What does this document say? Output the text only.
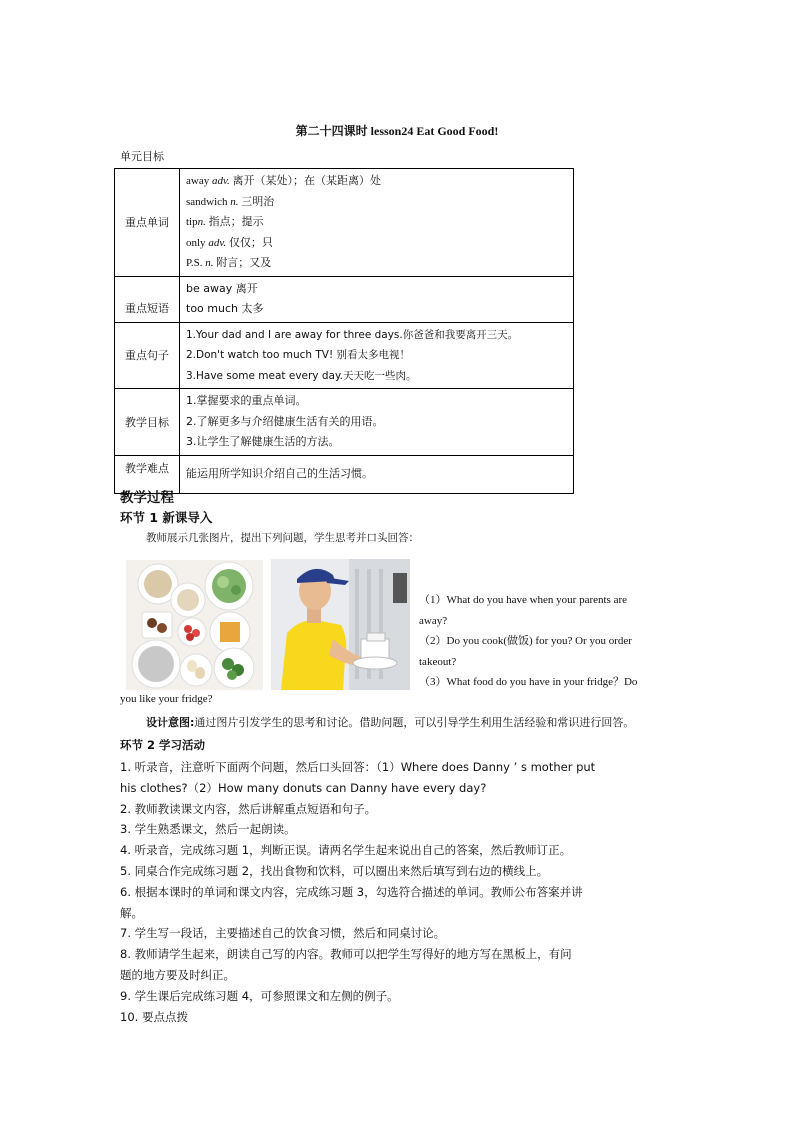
第二十四课时 lesson24 Eat Good Food!
单元目标
重点单词	away adv. 离开（某处）；在（某距离）处
sandwich n. 三明治
tipn. 指点；提示
only adv. 仅仅；只
P.S. n. 附言；又及

重点短语	be away 离开
too much 太多

重点句子	1.Your dad and I are away for three days.你爸爸和我要离开三天。
2.Don't watch too much TV! 别看太多电视！
3.Have some meat every day.天天吃一些肉。

教学目标	1.掌握要求的重点单词。
2.了解更多与介绍健康生活有关的用语。
3.让学生了解健康生活的方法。

教学难点	能运用所学知识介绍自己的生活习惯。
教学过程
环节 1 新课导入
教师展示几张图片，提出下列问题，学生思考并口头回答：
（1）What do you have when your parents are
away?
（2）Do you cook(做饭) for you? Or you order
takeout?
（3）What food do you have in your fridge？Do
you like your fridge?
设计意图:通过图片引发学生的思考和讨论。借助问题，可以引导学生利用生活经验和常识进行回答。
环节 2 学习活动
1. 听录音，注意听下面两个问题，然后口头回答：（1）Where does Danny ’ s mother put
his clothes?（2）How many donuts can Danny have every day?
2. 教师教读课文内容，然后讲解重点短语和句子。
3. 学生熟悉课文，然后一起朗读。
4. 听录音，完成练习题 1，判断正误。请两名学生起来说出自己的答案，然后教师订正。
5. 同桌合作完成练习题 2，找出食物和饮料，可以圈出来然后填写到右边的横线上。
6. 根据本课时的单词和课文内容，完成练习题 3，勾选符合描述的单词。教师公布答案并讲
解。
7. 学生写一段话，主要描述自己的饮食习惯，然后和同桌讨论。
8. 教师请学生起来，朗读自己写的内容。教师可以把学生写得好的地方写在黑板上，有问
题的地方要及时纠正。
9. 学生课后完成练习题 4，可参照课文和左侧的例子。
10. 要点点拨
